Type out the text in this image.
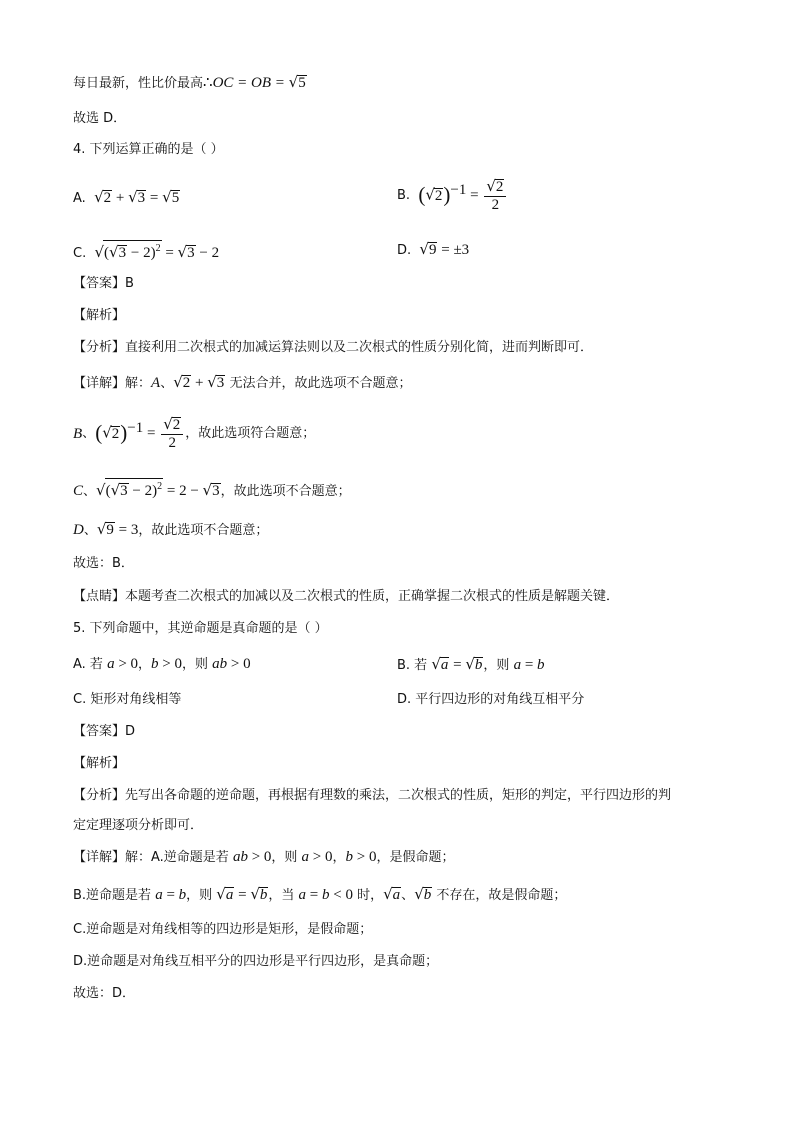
每日最新，性比价最高∴OC = OB = √5
故选 D．
4. 下列运算正确的是（ ）
A. √2 + √3 = √5	B. $(√2)^{-1} = \frac{√2}{2}$
C. $√(√3 - 2)^2 = √3 - 2$	D. √9 = ±3
【答案】B
【解析】
【分析】直接利用二次根式的加减运算法则以及二次根式的性质分别化简，进而判断即可．
【详解】解：A、√2 + √3 无法合并，故此选项不合题意；
B、$(√2)^{-1} = \frac{√2}{2}$ ，故此选项符合题意；
C、$√(√3 - 2)^2 = 2 - √3$，故此选项不合题意；
D、√9 = 3，故此选项不合题意；
故选：B．
【点睛】本题考查二次根式的加减以及二次根式的性质，正确掌握二次根式的性质是解题关键．
5. 下列命题中，其逆命题是真命题的是（ ）
A. 若 a > 0，b > 0，则 ab > 0	B. 若 √a = √b，则 a = b
C. 矩形对角线相等	D. 平行四边形的对角线互相平分
【答案】D
【解析】
【分析】先写出各命题的逆命题，再根据有理数的乘法，二次根式的性质，矩形的判定，平行四边形的判
定定理逐项分析即可．
【详解】解：A.逆命题是若 ab > 0，则 a > 0，b > 0，是假命题；
B.逆命题是若 a = b，则 √a = √b，当 a = b < 0 时，√a、√b 不存在，故是假命题；
C.逆命题是对角线相等的四边形是矩形，是假命题；
D.逆命题是对角线互相平分的四边形是平行四边形，是真命题；
故选：D．
